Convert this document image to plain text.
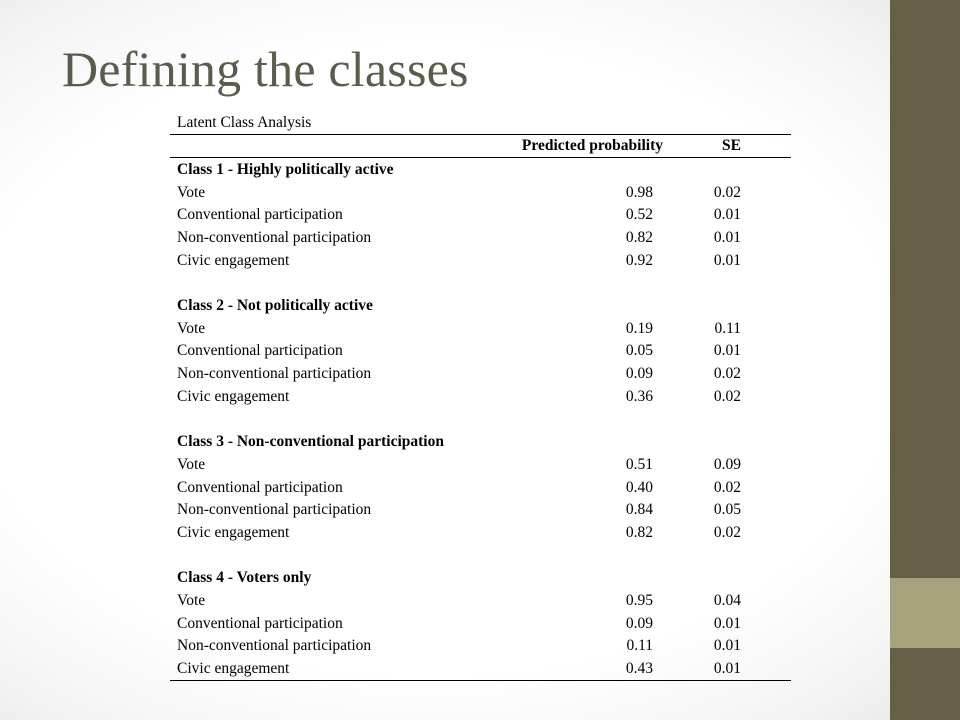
Defining the classes
Latent Class Analysis		
	Predicted probability	SE
Class 1 - Highly politically active		
Vote	0.98	0.02
Conventional participation	0.52	0.01
Non-conventional participation	0.82	0.01
Civic engagement	0.92	0.01

Class 2 - Not politically active		
Vote	0.19	0.11
Conventional participation	0.05	0.01
Non-conventional participation	0.09	0.02
Civic engagement	0.36	0.02

Class 3 - Non-conventional participation		
Vote	0.51	0.09
Conventional participation	0.40	0.02
Non-conventional participation	0.84	0.05
Civic engagement	0.82	0.02

Class 4 - Voters only		
Vote	0.95	0.04
Conventional participation	0.09	0.01
Non-conventional participation	0.11	0.01
Civic engagement	0.43	0.01
